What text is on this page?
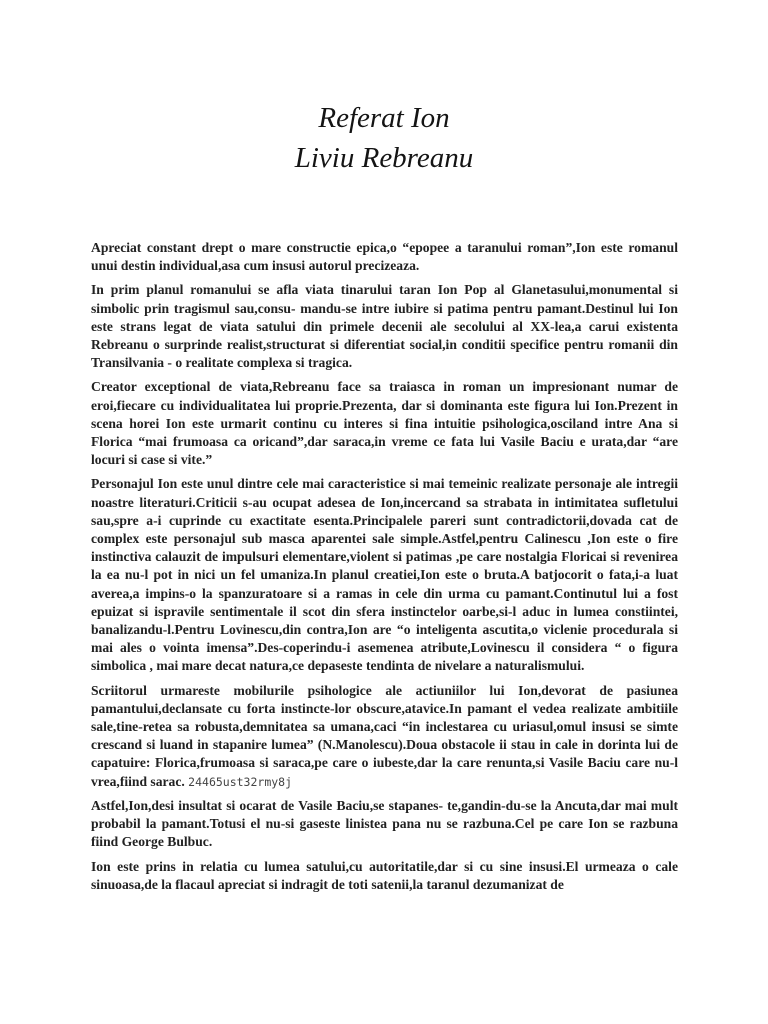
Referat Ion
Liviu Rebreanu

Apreciat constant drept o mare constructie epica,o “epopee a taranului roman”,Ion este romanul unui destin individual,asa cum insusi autorul precizeaza.

In prim planul romanului se afla viata tinarului taran Ion Pop al Glanetasului,monumental si simbolic prin tragismul sau,consu- mandu-se intre iubire si patima pentru pamant.Destinul lui Ion este strans legat de viata satului din primele decenii ale secolului al XX-lea,a carui existenta Rebreanu o surprinde realist,structurat si diferentiat social,in conditii specifice pentru romanii din Transilvania - o realitate complexa si tragica.

Creator exceptional de viata,Rebreanu face sa traiasca in roman un impresionant numar de eroi,fiecare cu individualitatea lui proprie.Prezenta, dar si dominanta este figura lui Ion.Prezent in scena horei Ion este urmarit continu cu interes si fina intuitie psihologica,osciland intre Ana si Florica “mai frumoasa ca oricand”,dar saraca,in vreme ce fata lui Vasile Baciu e urata,dar “are locuri si case si vite.”

Personajul Ion este unul dintre cele mai caracteristice si mai temeinic realizate personaje ale intregii noastre literaturi.Criticii s-au ocupat adesea de Ion,incercand sa strabata in intimitatea sufletului sau,spre a-i cuprinde cu exactitate esenta.Principalele pareri sunt contradictorii,dovada cat de complex este personajul sub masca aparentei sale simple.Astfel,pentru Calinescu ,Ion este o fire instinctiva calauzit de impulsuri elementare,violent si patimas ,pe care nostalgia Floricai si revenirea la ea nu-l pot in nici un fel umaniza.In planul creatiei,Ion este o bruta.A batjocorit o fata,i-a luat averea,a impins-o la spanzuratoare si a ramas in cele din urma cu pamant.Continutul lui a fost epuizat si ispravile sentimentale il scot din sfera instinctelor oarbe,si-l aduc in lumea constiintei, banalizandu-l.Pentru Lovinescu,din contra,Ion are “o inteligenta ascutita,o viclenie procedurala si mai ales o vointa imensa”.Des-coperindu-i asemenea atribute,Lovinescu il considera “ o figura simbolica , mai mare decat natura,ce depaseste tendinta de nivelare a naturalismului.

Scriitorul urmareste mobilurile psihologice ale actiuniilor lui Ion,devorat de pasiunea pamantului,declansate cu forta instincte-lor obscure,atavice.In pamant el vedea realizate ambitiile sale,tine-retea sa robusta,demnitatea sa umana,caci “in inclestarea cu uriasul,omul insusi se simte crescand si luand in stapanire lumea” (N.Manolescu).Doua obstacole ii stau in cale in dorinta lui de capatuire: Florica,frumoasa si saraca,pe care o iubeste,dar la care renunta,si Vasile Baciu care nu-l vrea,fiind sarac. 24465ust32rmy8j

Astfel,Ion,desi insultat si ocarat de Vasile Baciu,se stapanes- te,gandin-du-se la Ancuta,dar mai mult probabil la pamant.Totusi el nu-si gaseste linistea pana nu se razbuna.Cel pe care Ion se razbuna fiind George Bulbuc.

Ion este prins in relatia cu lumea satului,cu autoritatile,dar si cu sine insusi.El urmeaza o cale sinuoasa,de la flacaul apreciat si indragit de toti satenii,la taranul dezumanizat de
